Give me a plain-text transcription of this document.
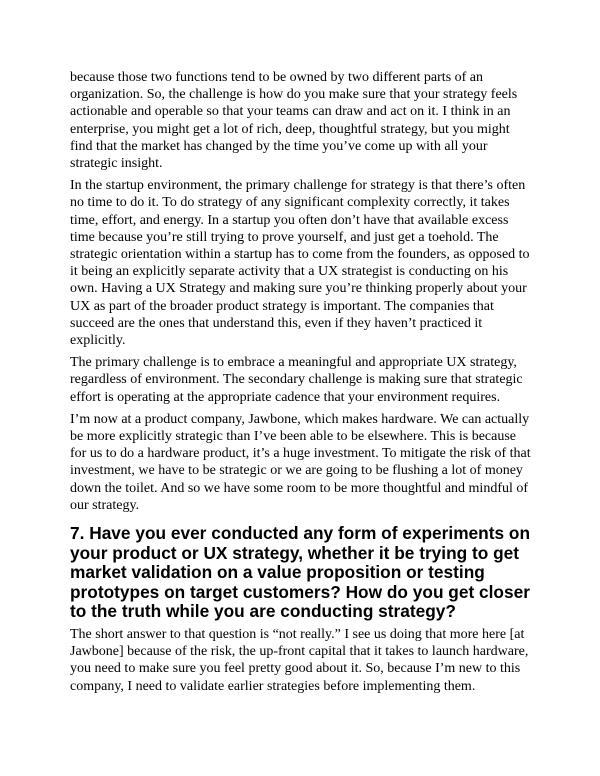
because those two functions tend to be owned by two different parts of an organization. So, the challenge is how do you make sure that your strategy feels actionable and operable so that your teams can draw and act on it. I think in an enterprise, you might get a lot of rich, deep, thoughtful strategy, but you might find that the market has changed by the time you’ve come up with all your strategic insight.

In the startup environment, the primary challenge for strategy is that there’s often no time to do it. To do strategy of any significant complexity correctly, it takes time, effort, and energy. In a startup you often don’t have that available excess time because you’re still trying to prove yourself, and just get a toehold. The strategic orientation within a startup has to come from the founders, as opposed to it being an explicitly separate activity that a UX strategist is conducting on his own. Having a UX Strategy and making sure you’re thinking properly about your UX as part of the broader product strategy is important. The companies that succeed are the ones that understand this, even if they haven’t practiced it explicitly.

The primary challenge is to embrace a meaningful and appropriate UX strategy, regardless of environment. The secondary challenge is making sure that strategic effort is operating at the appropriate cadence that your environment requires.

I’m now at a product company, Jawbone, which makes hardware. We can actually be more explicitly strategic than I’ve been able to be elsewhere. This is because for us to do a hardware product, it’s a huge investment. To mitigate the risk of that investment, we have to be strategic or we are going to be flushing a lot of money down the toilet. And so we have some room to be more thoughtful and mindful of our strategy.

7. Have you ever conducted any form of experiments on your product or UX strategy, whether it be trying to get market validation on a value proposition or testing prototypes on target customers? How do you get closer to the truth while you are conducting strategy?

The short answer to that question is “not really.” I see us doing that more here [at Jawbone] because of the risk, the up-front capital that it takes to launch hardware, you need to make sure you feel pretty good about it. So, because I’m new to this company, I need to validate earlier strategies before implementing them.
